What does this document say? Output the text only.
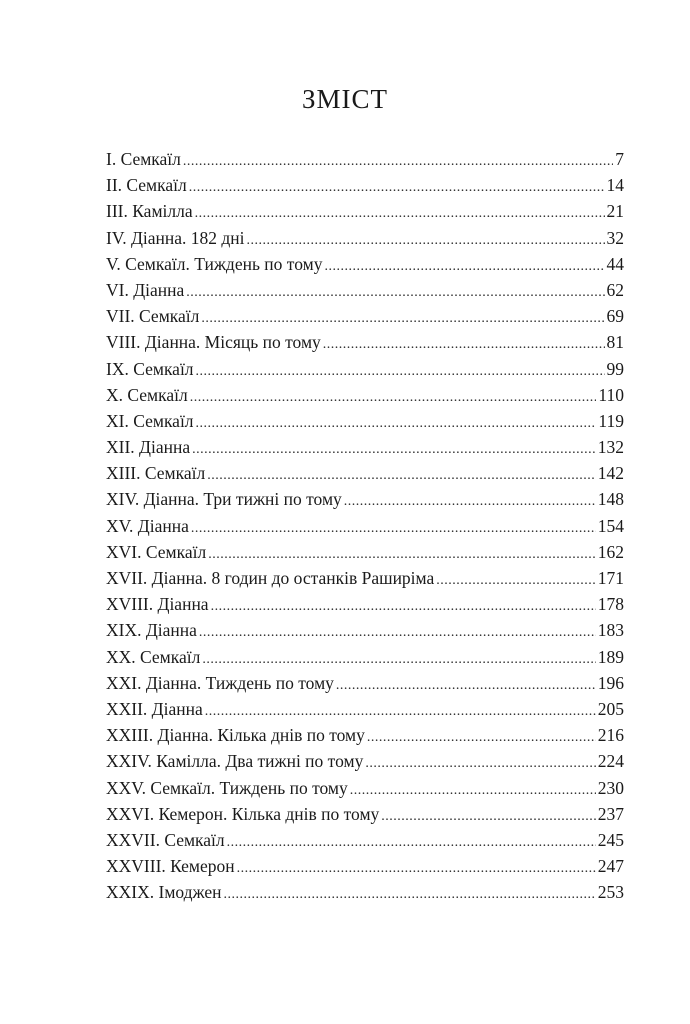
ЗМІСТ
І. Семкаїл .....	7
II. Семкаїл .....	14
III. Камілла .....	21
IV. Діанна. 182 дні .....	32
V. Семкаїл. Тиждень по тому .....	44
VI. Діанна .....	62
VII. Семкаїл .....	69
VIII. Діанна. Місяць по тому .....	81
IX. Семкаїл .....	99
X. Семкаїл .....	110
XI. Семкаїл .....	119
XII. Діанна .....	132
XIII. Семкаїл .....	142
XIV. Діанна. Три тижні по тому .....	148
XV. Діанна .....	154
XVI. Семкаїл .....	162
XVII. Діанна. 8 годин до останків Раширіма .....	171
XVIII. Діанна .....	178
XIX. Діанна .....	183
XX. Семкаїл .....	189
XXI. Діанна. Тиждень по тому .....	196
XXII. Діанна .....	205
XXIII. Діанна. Кілька днів по тому .....	216
XXIV. Камілла. Два тижні по тому .....	224
XXV. Семкаїл. Тиждень по тому .....	230
XXVI. Кемерон. Кілька днів по тому .....	237
XXVII. Семкаїл .....	245
XXVIII. Кемерон .....	247
XXIX. Імоджен .....	253
